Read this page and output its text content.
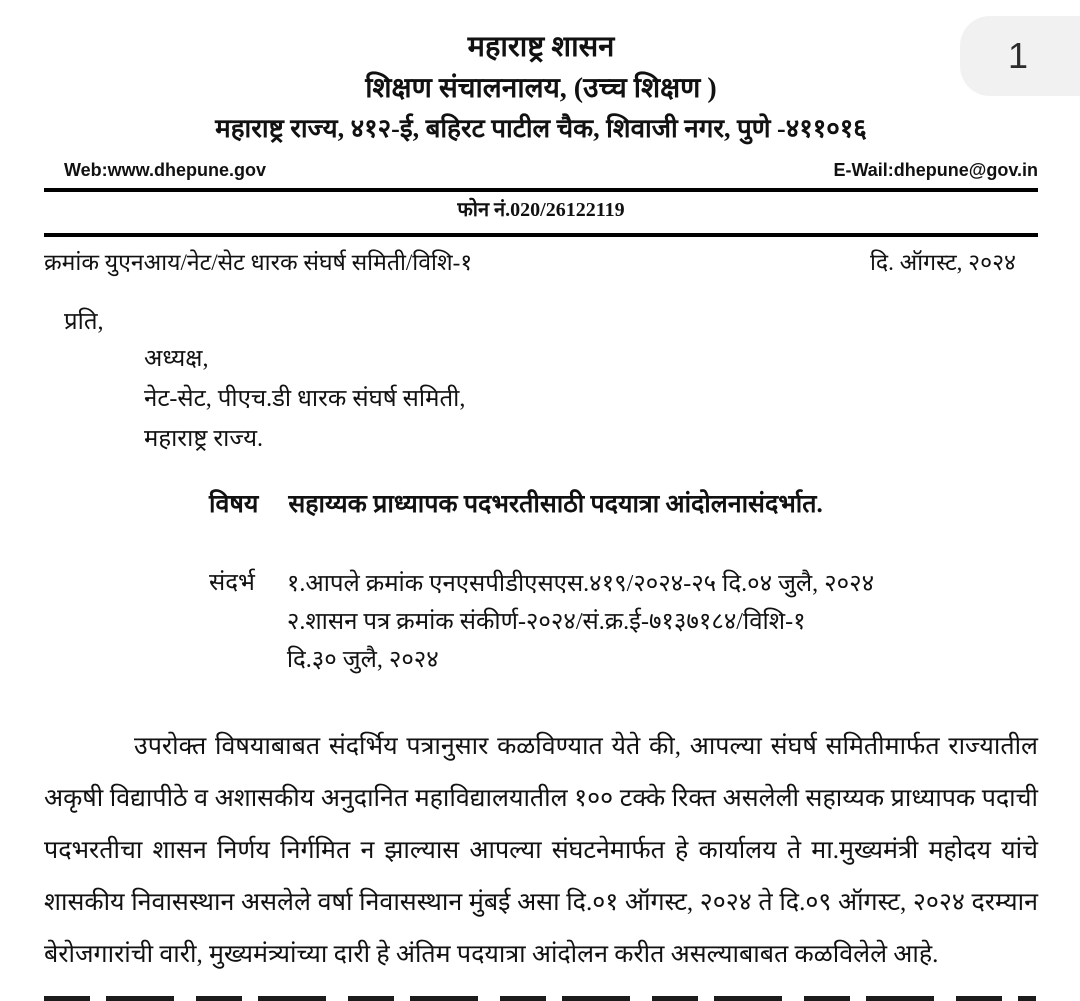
1
महाराष्ट्र शासन
शिक्षण संचालनालय, (उच्च शिक्षण )
महाराष्ट्र राज्य, ४१२-ई, बहिरट पाटील चैक, शिवाजी नगर, पुणे -४११०१६
Web:www.dhepune.gov	E-Wail:dhepune@gov.in
फोन नं.020/26122119
क्रमांक युएनआय/नेट/सेट धारक संघर्ष समिती/विशि-१	दि. ऑगस्ट, २०२४
प्रति,
अध्यक्ष,
नेट-सेट, पीएच.डी धारक संघर्ष समिती,
महाराष्ट्र राज्य.
विषय सहाय्यक प्राध्यापक पदभरतीसाठी पदयात्रा आंदोलनासंदर्भात.
संदर्भ १.आपले क्रमांक एनएसपीडीएसएस.४१९/२०२४-२५ दि.०४ जुलै, २०२४
२.शासन पत्र क्रमांक संकीर्ण-२०२४/सं.क्र.ई-७१३७१८४/विशि-१
दि.३० जुलै, २०२४
उपरोक्त विषयाबाबत संदर्भिय पत्रानुसार कळविण्यात येते की, आपल्या संघर्ष समितीमार्फत राज्यातील अकृषी विद्यापीठे व अशासकीय अनुदानित महाविद्यालयातील १०० टक्के रिक्त असलेली सहाय्यक प्राध्यापक पदाची पदभरतीचा शासन निर्णय निर्गमित न झाल्यास आपल्या संघटनेमार्फत हे कार्यालय ते मा.मुख्यमंत्री महोदय यांचे शासकीय निवासस्थान असलेले वर्षा निवासस्थान मुंबई असा दि.०१ ऑगस्ट, २०२४ ते दि.०९ ऑगस्ट, २०२४ दरम्यान बेरोजगारांची वारी, मुख्यमंत्र्यांच्या दारी हे अंतिम पदयात्रा आंदोलन करीत असल्याबाबत कळविलेले आहे.
